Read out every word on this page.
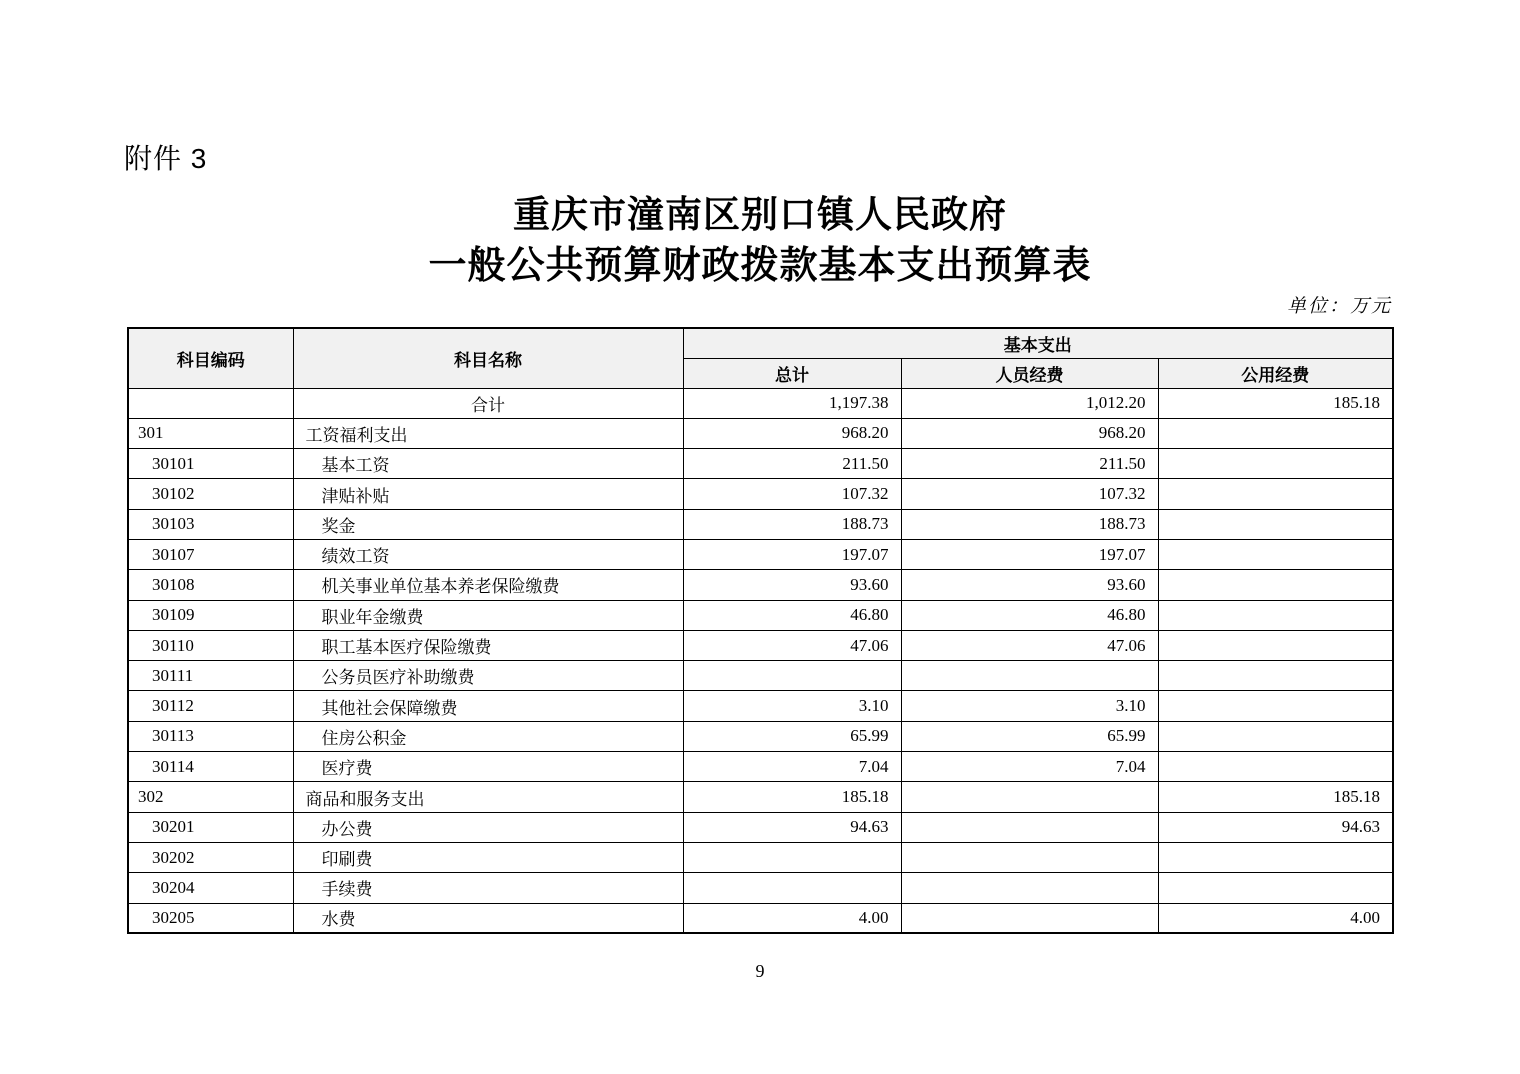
附件 3
重庆市潼南区别口镇人民政府
一般公共预算财政拨款基本支出预算表
单位：万元
科目编码	科目名称	基本支出		
		总计	人员经费	公用经费
	合计	1,197.38	1,012.20	185.18
301	工资福利支出	968.20	968.20	
30101	基本工资	211.50	211.50	
30102	津贴补贴	107.32	107.32	
30103	奖金	188.73	188.73	
30107	绩效工资	197.07	197.07	
30108	机关事业单位基本养老保险缴费	93.60	93.60	
30109	职业年金缴费	46.80	46.80	
30110	职工基本医疗保险缴费	47.06	47.06	
30111	公务员医疗补助缴费			
30112	其他社会保障缴费	3.10	3.10	
30113	住房公积金	65.99	65.99	
30114	医疗费	7.04	7.04	
302	商品和服务支出	185.18		185.18
30201	办公费	94.63		94.63
30202	印刷费			
30204	手续费			
30205	水费	4.00		4.00
9
